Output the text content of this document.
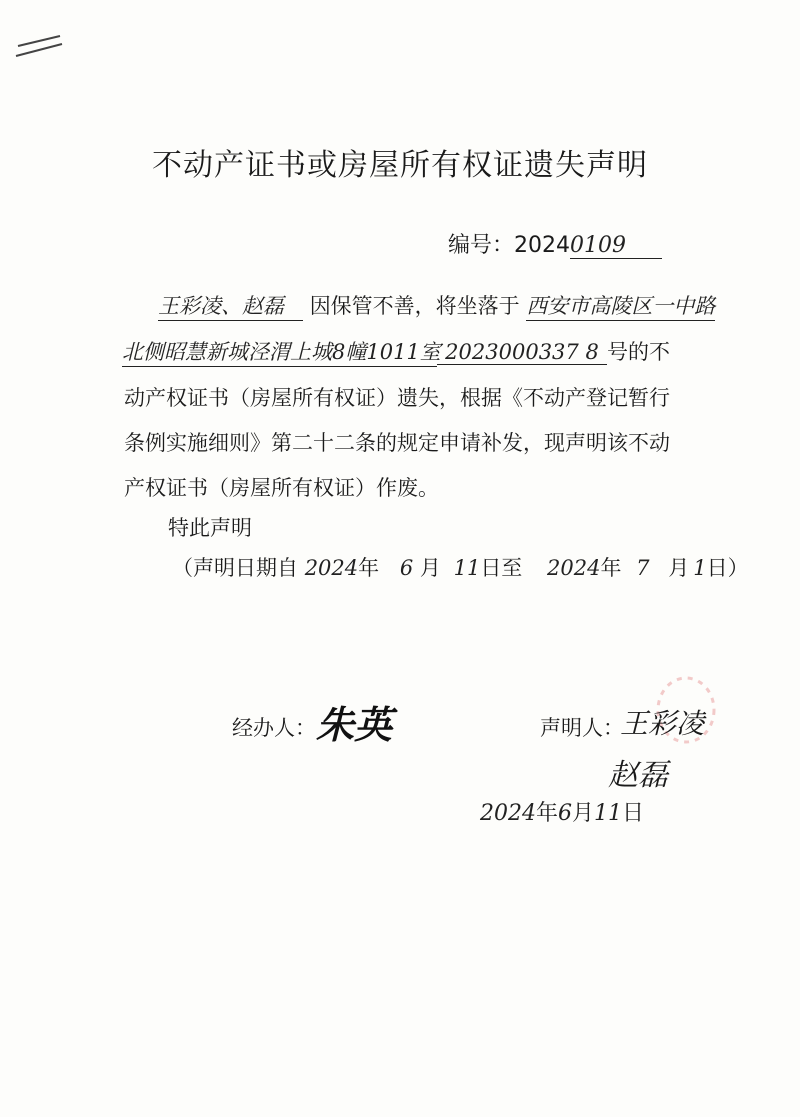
不动产证书或房屋所有权证遗失声明
编号：20240109
王彩凌、赵磊 因保管不善，将坐落于 西安市高陵区一中路
北侧昭慧新城泾渭上城8幢1011室 2023000337 8 号的不
动产权证书（房屋所有权证）遗失，根据《不动产登记暂行
条例实施细则》第二十二条的规定申请补发，现声明该不动
产权证书（房屋所有权证）作废。
特此声明
（声明日期自 2024年 6 月 11日至 2024年 7 月 1日）
经办人： 朱英	声明人：
王彩凌
赵磊
2024年6月11日
